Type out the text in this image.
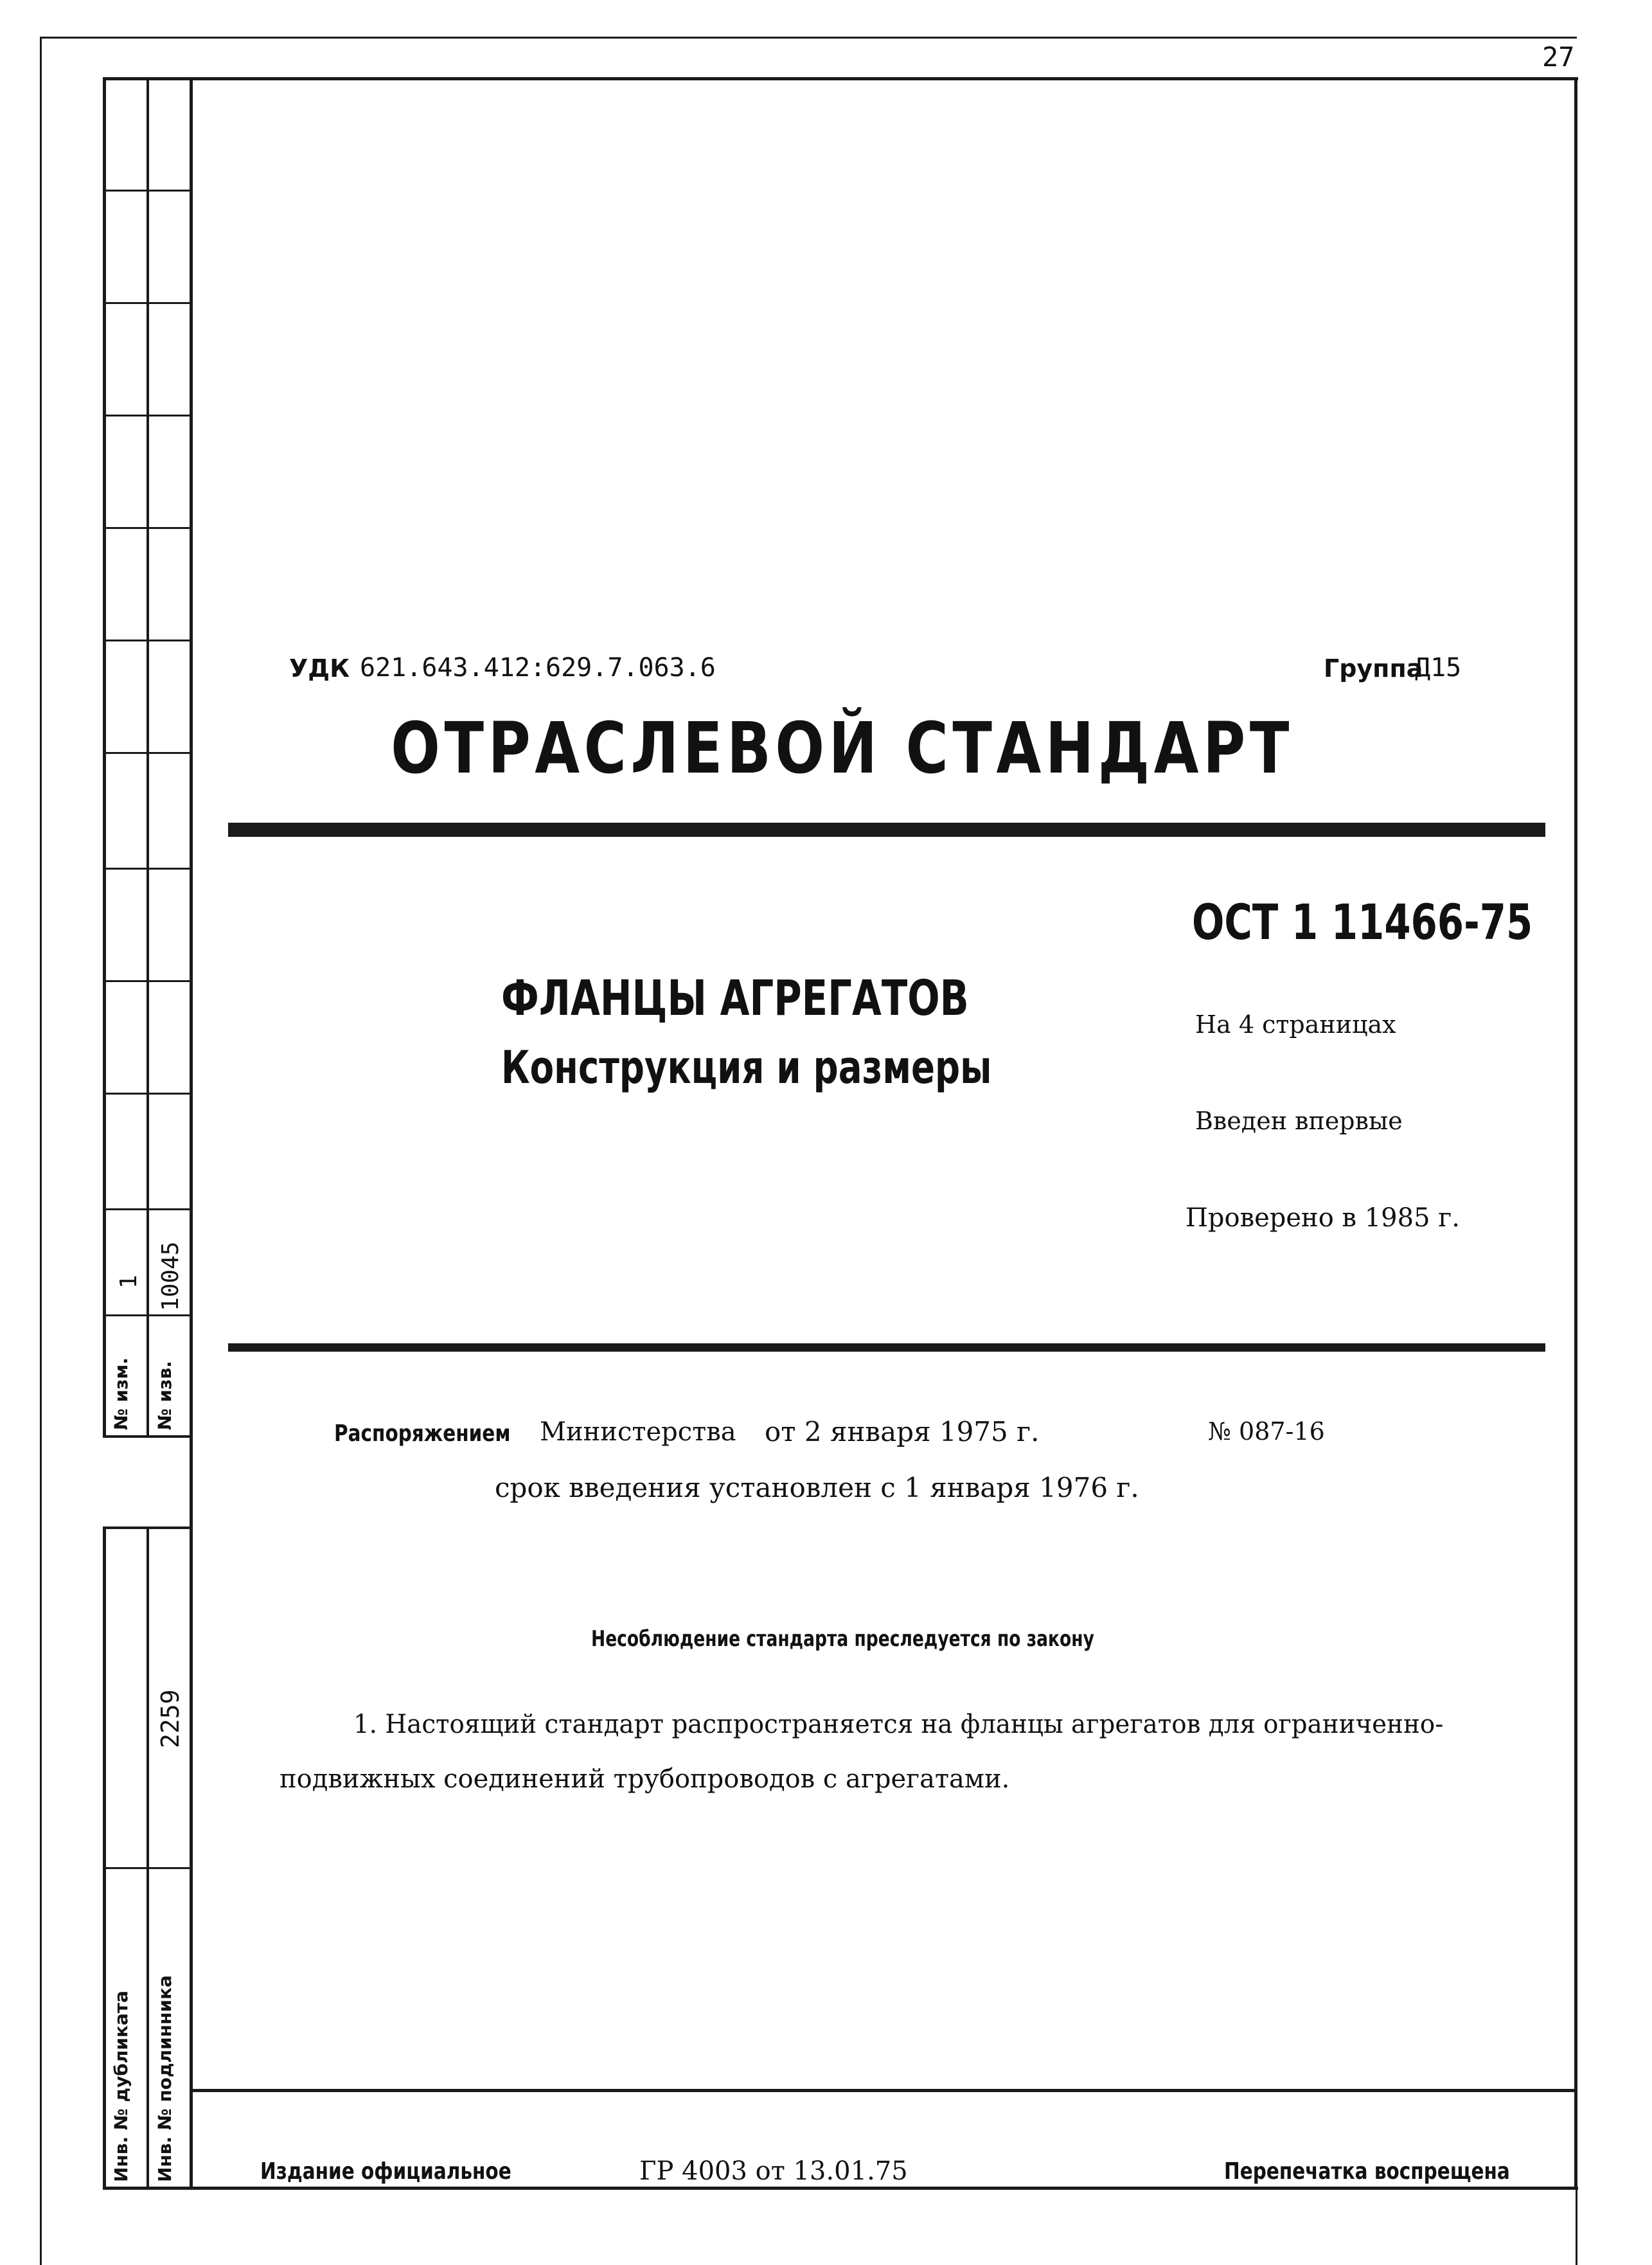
27
№ изм.
1
№ изв.
10045
2259
Инв. № дубликата Инв. № подлинника
УДК 621.643.412:629.7.063.6	Группа
Д15
ОТРАСЛЕВОЙ СТАНДАРТ
ОСТ 1 11466-75
ФЛАНЦЫ АГРЕГАТОВ
Конструкция и размеры
На 4 страницах
Введен впервые
Проверено в 1985 г.
Распоряжением Министерства от 2 января 1975 г.	№ 087-16
срок введения установлен с 1 января 1976 г.
Несоблюдение стандарта преследуется по закону
1. Настоящий стандарт распространяется на фланцы агрегатов для ограниченно-
подвижных соединений трубопроводов с агрегатами.
Издание официальное	ГР 4003 от 13.01.75	Перепечатка воспрещена
